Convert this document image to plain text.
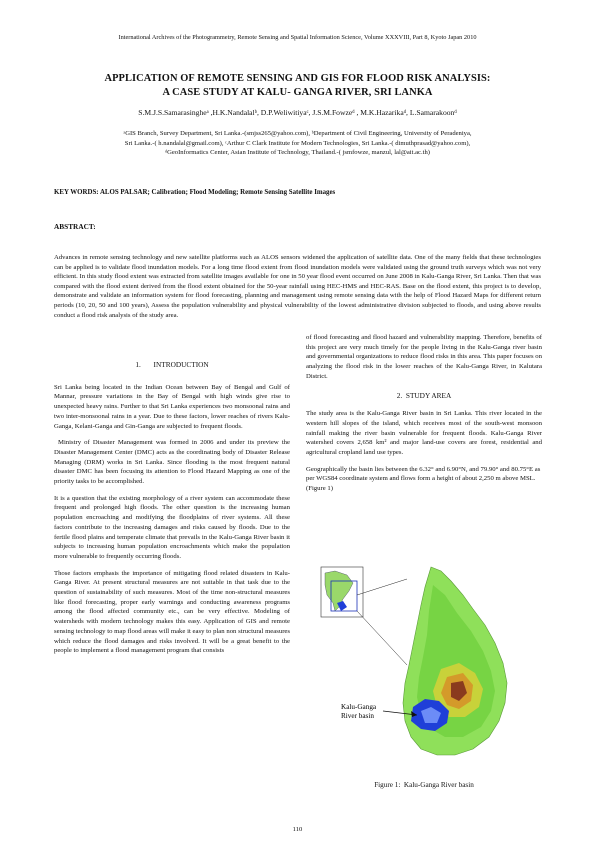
International Archives of the Photogrammetry, Remote Sensing and Spatial Information Science, Volume XXXVIII, Part 8, Kyoto Japan 2010
APPLICATION OF REMOTE SENSING AND GIS FOR FLOOD RISK ANALYSIS:
A CASE STUDY AT KALU- GANGA RIVER, SRI LANKA
S.M.J.S.Samarasingheᵃ ,H.K.Nandalalᵇ, D.P.Weliwitiyaᶜ, J.S.M.Fowzeᵈ , M.K.Hazarikaᵈ, L.Samarakoonᵈ
ᵃGIS Branch, Survey Department, Sri Lanka.-(smjss265@yahoo.com), ᵇDepartment of Civil Engineering, University of Peradeniya,
Sri Lanka.-( h.nandalal@gmail.com), ᶜArthur C Clark Institute for Modern Technologies, Sri Lanka.-( dimuthprasad@yahoo.com),
ᵈGeoInformatics Center, Asian Institute of Technology, Thailand.-( jsmfowze, manzul, lal@ait.ac.th)
KEY WORDS: ALOS PALSAR; Calibration; Flood Modeling; Remote Sensing Satellite Images
ABSTRACT:
Advances in remote sensing technology and new satellite platforms such as ALOS sensors widened the application of satellite data. One of the many fields that these technologies can be applied is to validate flood inundation models. For a long time flood extent from flood inundation models were validated using the ground truth surveys which was not very efficient. In this study flood extent was extracted from satellite images available for one in 50 year flood event occurred on June 2008 in Kalu-Ganga River, Sri Lanka. Then that was compared with the flood extent derived from the flood extent obtained for the 50-year rainfall using HEC-HMS and HEC-RAS. Base on the flood extent, this project is to develop, demonstrate and validate an information system for flood forecasting, planning and management using remote sensing data with the help of Flood Hazard Maps for different return periods (10, 20, 50 and 100 years), Assess the population vulnerability and physical vulnerability of the lowest administrative division subjected to floods, and using above results conduct a flood risk analysis of the study area.

1.       INTRODUCTION

Sri Lanka being located in the Indian Ocean between Bay of Bengal and Gulf of Mannar, pressure variations in the Bay of Bengal with high winds give rise to unexpected heavy rains. Further to that Sri Lanka experiences two monsoonal rains and two inter-monsoonal rains in a year. Due to these factors, lower reaches of rivers Kalu-Ganga, Kelani-Ganga and Gin-Ganga are subjected to frequent floods.

Ministry of Disaster Management was formed in 2006 and under its preview the Disaster Management Center (DMC) acts as the coordinating body of Disaster Release Managing (DRM) works in Sri Lanka. Since flooding is the most frequent natural disaster DMC has been focusing its attention to Flood Hazard Mapping as one of the priority tasks to be accomplished.

It is a question that the existing morphology of a river system can accommodate these frequent and prolonged high floods. The other question is the increasing human population encroaching and modifying the floodplains of river systems. All these factors contribute to the increasing damages and risks caused by floods. Due to the fertile flood plains and temperate climate that prevails in the Kalu-Ganga River basin it subjects to increasing human population encroachments which make the population more vulnerable to frequently occurring floods.

Those factors emphasis the importance of mitigating flood related disasters in Kalu-Ganga River. At present structural measures are not suitable in that task due to the question of sustainability of such measures. Most of the time non-structural measures like flood forecasting, proper early warnings and conducting awareness programs among the flood affected community etc., can be very effective. Modeling of watersheds with modern technology makes this easy. Application of GIS and remote sensing technology to map flood areas will make it easy to plan non structural measures which reduce the flood damages and risks involved. It will be a great benefit to the people to implement a flood management program that consists

of flood forecasting and flood hazard and vulnerability mapping. Therefore, benefits of this project are very much timely for the people living in the Kalu-Ganga river basin and governmental organizations to reduce flood risks in this area. This paper focuses on analyzing the flood risk in the lower reaches of the Kalu-Ganga River, in Kalutara District.

2.  STUDY AREA

The study area is the Kalu-Ganga River basin in Sri Lanka. This river located in the western hill slopes of the island, which receives most of the south-west monsoon rainfall making the river basin vulnerable for frequent floods. Kalu-Ganga River watershed covers 2,658 km² and major land-use covers are forest, residential and agricultural cropland land use types.

Geographically the basin lies between the 6.32° and 6.90°N, and 79.90° and 80.75°E as per WGS84 coordinate system and flows form a height of about 2,250 m above MSL. (Figure 1)

Kalu-Ganga
River basin
Figure 1:  Kalu-Ganga River basin
110
